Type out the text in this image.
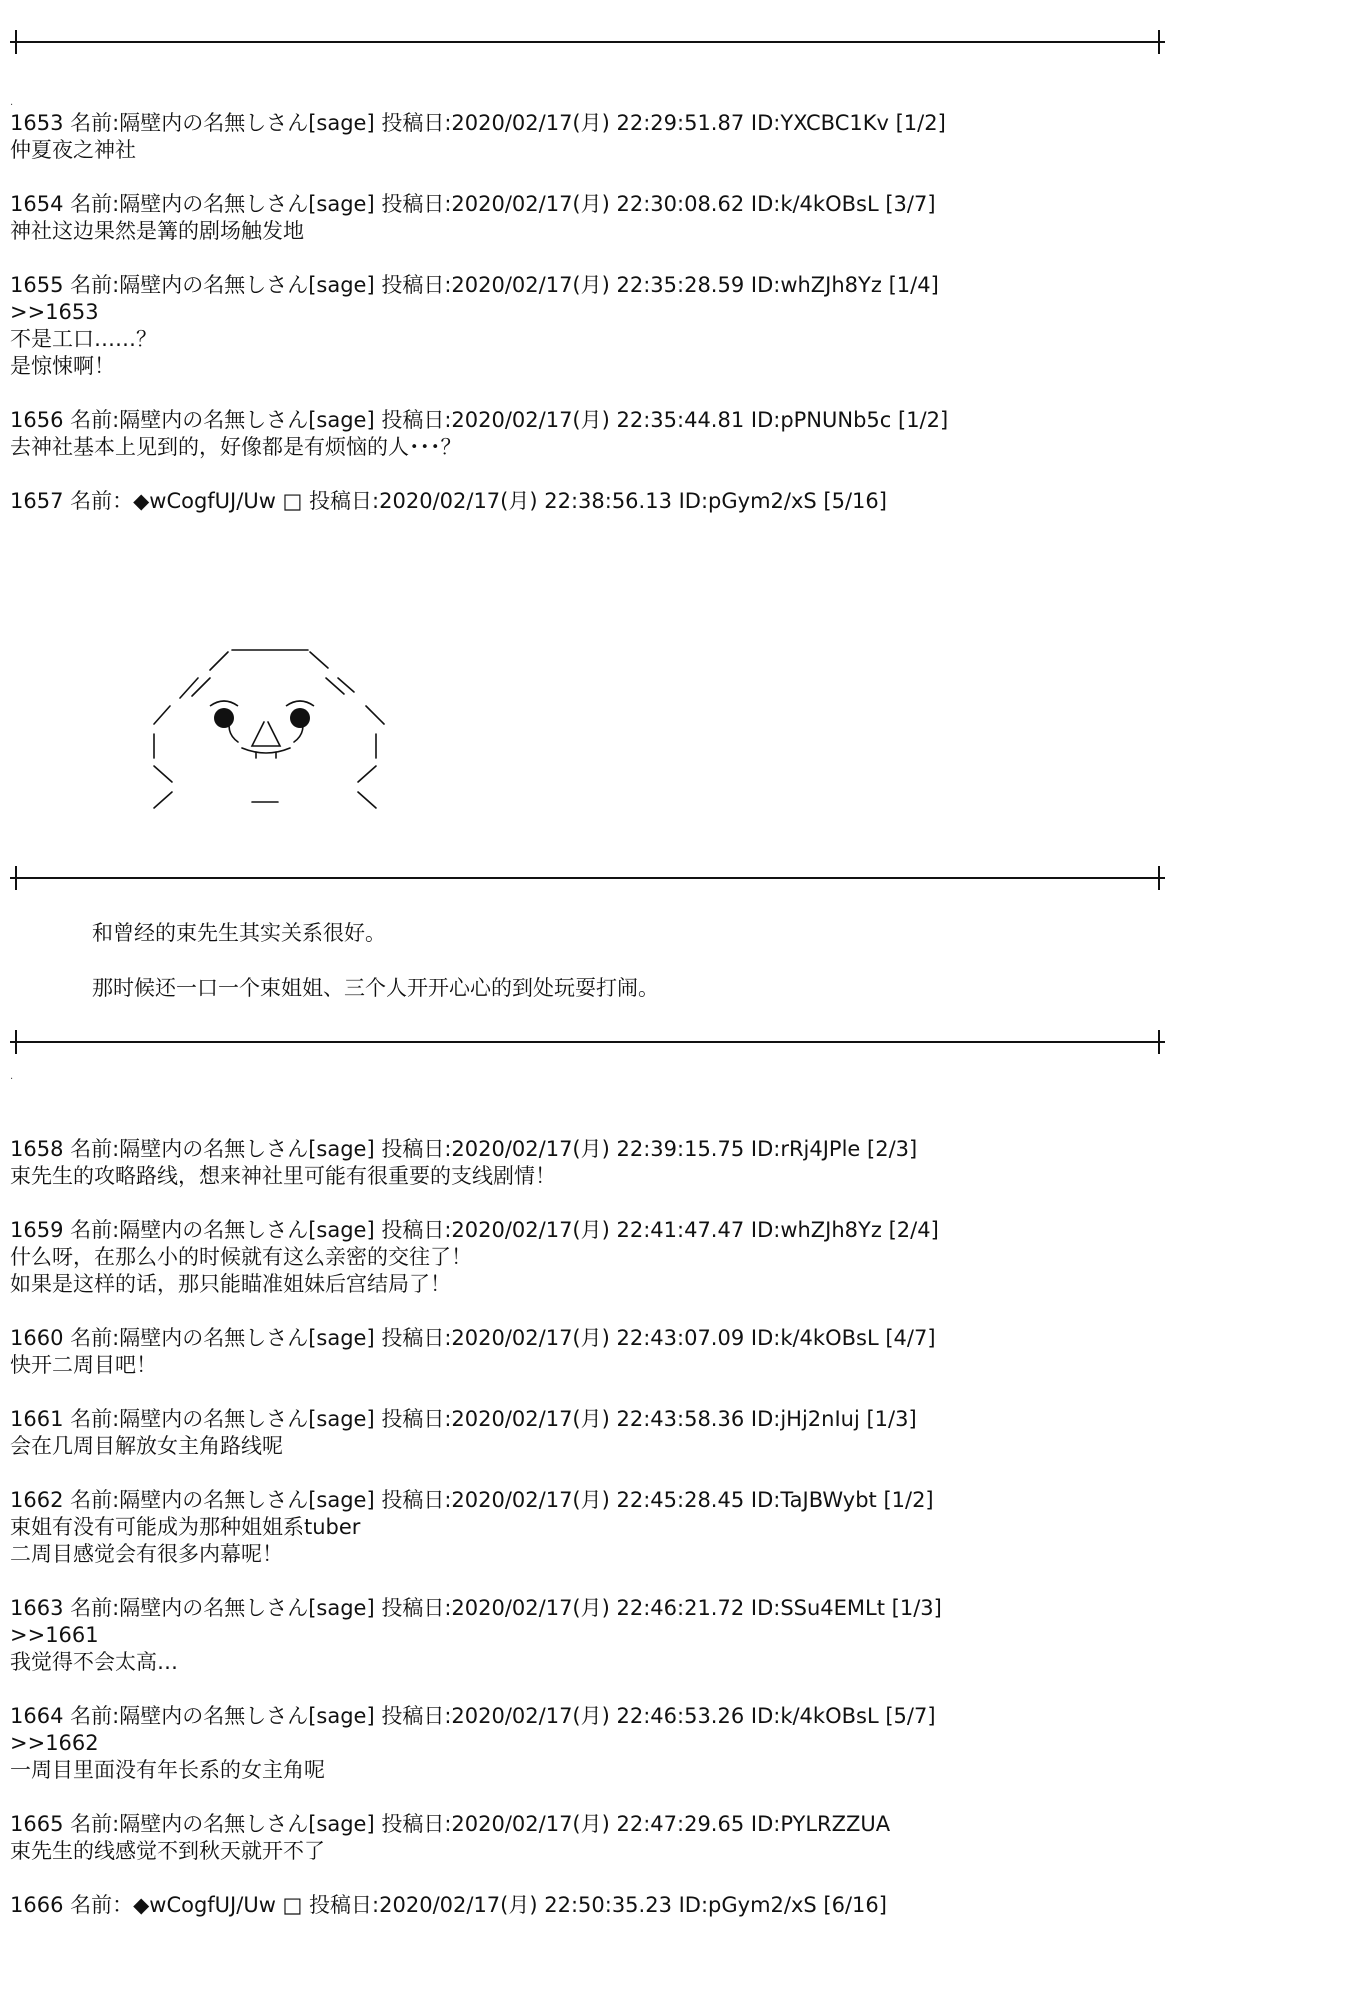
.
1653 名前:隔壁内の名無しさん[sage] 投稿日:2020/02/17(月) 22:29:51.87 ID:YXCBC1Kv [1/2]
仲夏夜之神社
1654 名前:隔壁内の名無しさん[sage] 投稿日:2020/02/17(月) 22:30:08.62 ID:k/4kOBsL [3/7]
神社这边果然是篝的剧场触发地
1655 名前:隔壁内の名無しさん[sage] 投稿日:2020/02/17(月) 22:35:28.59 ID:whZJh8Yz [1/4]
>>1653
不是工口……？
是惊悚啊！
1656 名前:隔壁内の名無しさん[sage] 投稿日:2020/02/17(月) 22:35:44.81 ID:pPNUNb5c [1/2]
去神社基本上见到的，好像都是有烦恼的人･･･？
1657 名前：◆wCogfUJ/Uw □ 投稿日:2020/02/17(月) 22:38:56.13 ID:pGym2/xS [5/16]
和曾经的束先生其实关系很好。
那时候还一口一个束姐姐、三个人开开心心的到处玩耍打闹。
.
1658 名前:隔壁内の名無しさん[sage] 投稿日:2020/02/17(月) 22:39:15.75 ID:rRj4JPle [2/3]
束先生的攻略路线，想来神社里可能有很重要的支线剧情！
1659 名前:隔壁内の名無しさん[sage] 投稿日:2020/02/17(月) 22:41:47.47 ID:whZJh8Yz [2/4]
什么呀，在那么小的时候就有这么亲密的交往了！
如果是这样的话，那只能瞄准姐妹后宫结局了！
1660 名前:隔壁内の名無しさん[sage] 投稿日:2020/02/17(月) 22:43:07.09 ID:k/4kOBsL [4/7]
快开二周目吧！
1661 名前:隔壁内の名無しさん[sage] 投稿日:2020/02/17(月) 22:43:58.36 ID:jHj2nIuj [1/3]
会在几周目解放女主角路线呢
1662 名前:隔壁内の名無しさん[sage] 投稿日:2020/02/17(月) 22:45:28.45 ID:TaJBWybt [1/2]
束姐有没有可能成为那种姐姐系tuber
二周目感觉会有很多内幕呢！
1663 名前:隔壁内の名無しさん[sage] 投稿日:2020/02/17(月) 22:46:21.72 ID:SSu4EMLt [1/3]
>>1661
我觉得不会太高…
1664 名前:隔壁内の名無しさん[sage] 投稿日:2020/02/17(月) 22:46:53.26 ID:k/4kOBsL [5/7]
>>1662
一周目里面没有年长系的女主角呢
1665 名前:隔壁内の名無しさん[sage] 投稿日:2020/02/17(月) 22:47:29.65 ID:PYLRZZUA
束先生的线感觉不到秋天就开不了
1666 名前：◆wCogfUJ/Uw □ 投稿日:2020/02/17(月) 22:50:35.23 ID:pGym2/xS [6/16]
